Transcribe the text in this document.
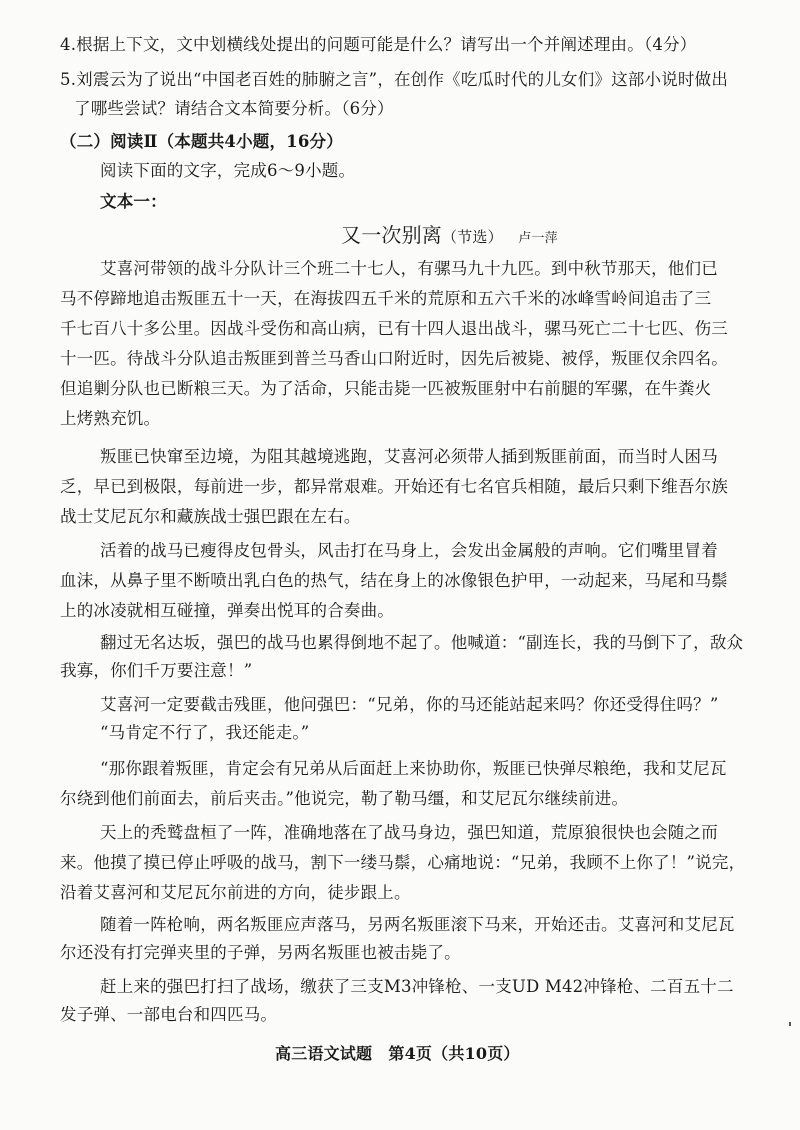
4.根据上下文，文中划横线处提出的问题可能是什么？请写出一个并阐述理由。（4分）
5.刘震云为了说出“中国老百姓的肺腑之言”，在创作《吃瓜时代的儿女们》这部小说时做出
了哪些尝试？请结合文本简要分析。（6分）
（二）阅读Ⅱ（本题共4小题，16分）
阅读下面的文字，完成6～9小题。
文本一：
又一次别离（节选） 卢一萍
艾喜河带领的战斗分队计三个班二十七人，有骡马九十九匹。到中秋节那天，他们已
马不停蹄地追击叛匪五十一天，在海拔四五千米的荒原和五六千米的冰峰雪岭间追击了三
千七百八十多公里。因战斗受伤和高山病，已有十四人退出战斗，骡马死亡二十七匹、伤三
十一匹。待战斗分队追击叛匪到普兰马香山口附近时，因先后被毙、被俘，叛匪仅余四名。
但追剿分队也已断粮三天。为了活命，只能击毙一匹被叛匪射中右前腿的军骡，在牛粪火
上烤熟充饥。
叛匪已快窜至边境，为阻其越境逃跑，艾喜河必须带人插到叛匪前面，而当时人困马
乏，早已到极限，每前进一步，都异常艰难。开始还有七名官兵相随，最后只剩下维吾尔族
战士艾尼瓦尔和藏族战士强巴跟在左右。
活着的战马已瘦得皮包骨头，风击打在马身上，会发出金属般的声响。它们嘴里冒着
血沫，从鼻子里不断喷出乳白色的热气，结在身上的冰像银色护甲，一动起来，马尾和马鬃
上的冰凌就相互碰撞，弹奏出悦耳的合奏曲。
翻过无名达坂，强巴的战马也累得倒地不起了。他喊道：“副连长，我的马倒下了，敌众
我寡，你们千万要注意！”
艾喜河一定要截击残匪，他问强巴：“兄弟，你的马还能站起来吗？你还受得住吗？”
“马肯定不行了，我还能走。”
“那你跟着叛匪，肯定会有兄弟从后面赶上来协助你，叛匪已快弹尽粮绝，我和艾尼瓦
尔绕到他们前面去，前后夹击。”他说完，勒了勒马缰，和艾尼瓦尔继续前进。
天上的秃鹫盘桓了一阵，准确地落在了战马身边，强巴知道，荒原狼很快也会随之而
来。他摸了摸已停止呼吸的战马，割下一缕马鬃，心痛地说：“兄弟，我顾不上你了！”说完，
沿着艾喜河和艾尼瓦尔前进的方向，徒步跟上。
随着一阵枪响，两名叛匪应声落马，另两名叛匪滚下马来，开始还击。艾喜河和艾尼瓦
尔还没有打完弹夹里的子弹，另两名叛匪也被击毙了。
赶上来的强巴打扫了战场，缴获了三支M3冲锋枪、一支UD M42冲锋枪、二百五十二
发子弹、一部电台和四匹马。
高三语文试题　第4页（共10页）
